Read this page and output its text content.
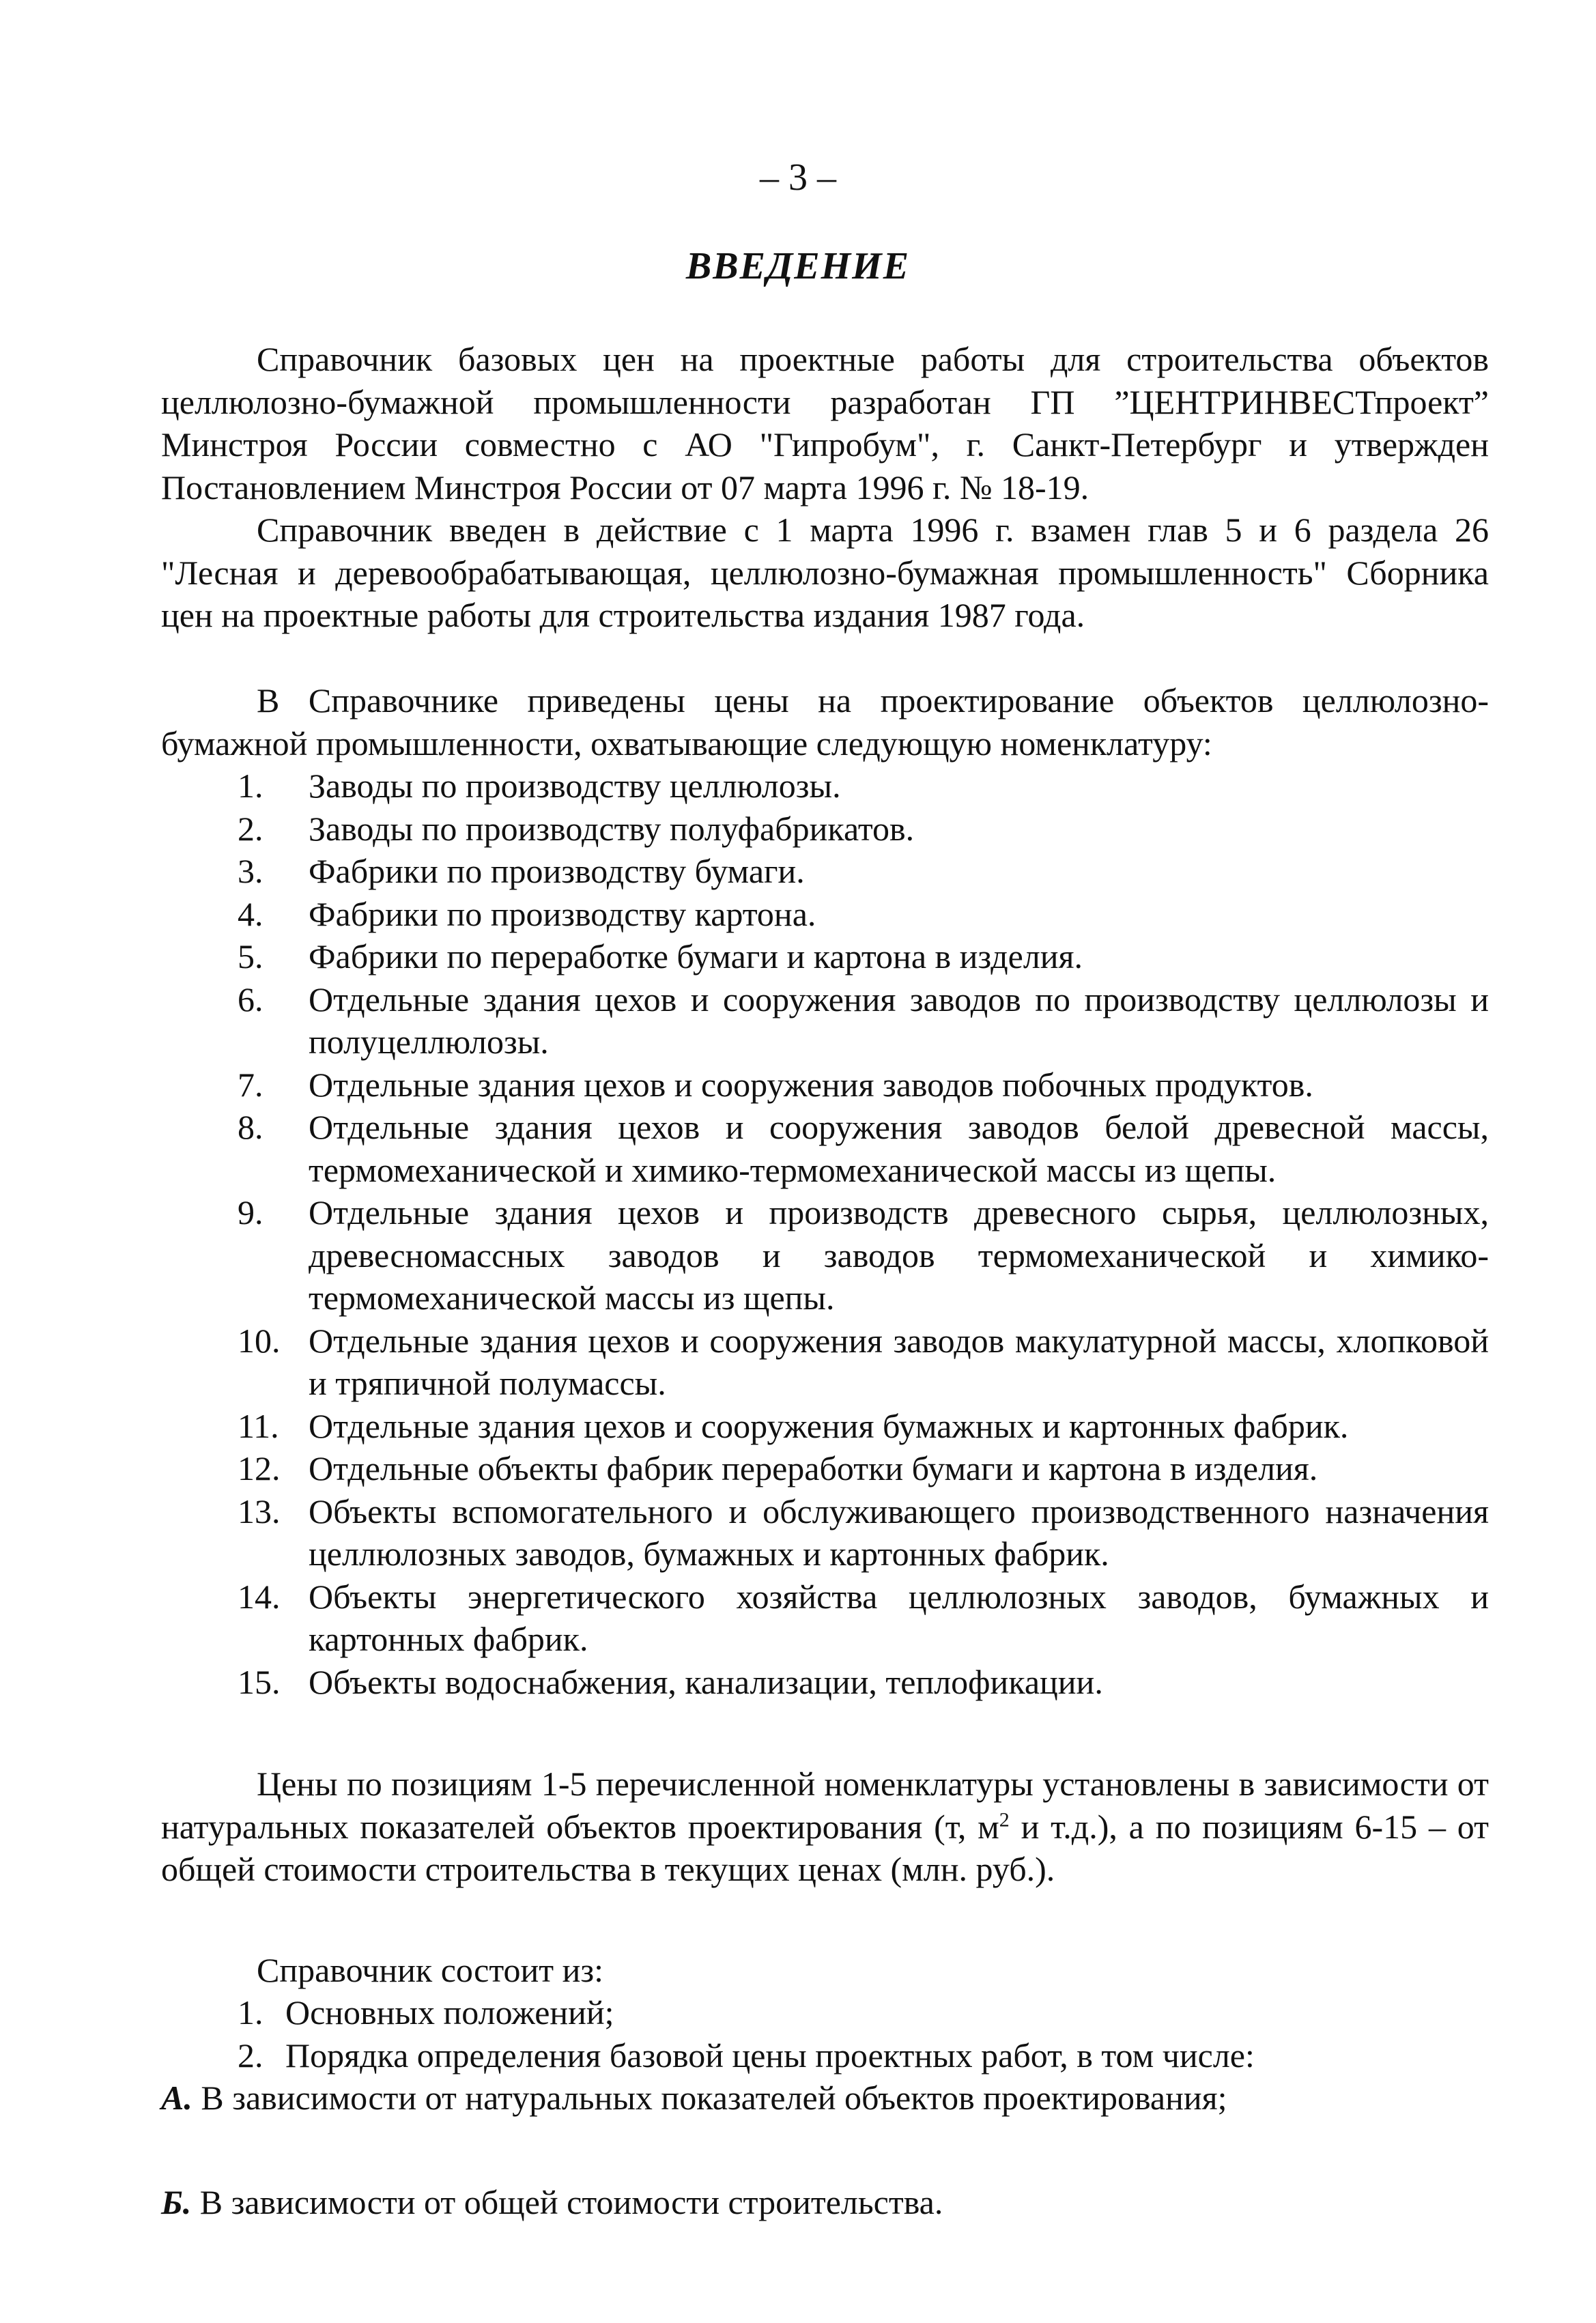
– 3 –
ВВЕДЕНИЕ
Справочник базовых цен на проектные работы для строительства объектов целлюлозно-бумажной промышленности разработан ГП ”ЦЕНТРИНВЕСТпроект” Минстроя России совместно с АО "Гипробум", г. Санкт-Петербург и утвержден Постановлением Минстроя России от 07 марта 1996 г. № 18-19.
Справочник введен в действие с 1 марта 1996 г. взамен глав 5 и 6 раздела 26 "Лесная и деревообрабатывающая, целлюлозно-бумажная промышленность" Сборника цен на проектные работы для строительства издания 1987 года.
В Справочнике приведены цены на проектирование объектов целлюлозно-бумажной промышленности, охватывающие следующую номенклатуру:
1. Заводы по производству целлюлозы.
2. Заводы по производству полуфабрикатов.
3. Фабрики по производству бумаги.
4. Фабрики по производству картона.
5. Фабрики по переработке бумаги и картона в изделия.
6. Отдельные здания цехов и сооружения заводов по производству целлюлозы и полуцеллюлозы.
7. Отдельные здания цехов и сооружения заводов побочных продуктов.
8. Отдельные здания цехов и сооружения заводов белой древесной массы, термомеханической и химико-термомеханической массы из щепы.
9. Отдельные здания цехов и производств древесного сырья, целлюлозных, древесномассных заводов и заводов термомеханической и химико-термомеханической массы из щепы.
10. Отдельные здания цехов и сооружения заводов макулатурной массы, хлопковой и тряпичной полумассы.
11. Отдельные здания цехов и сооружения бумажных и картонных фабрик.
12. Отдельные объекты фабрик переработки бумаги и картона в изделия.
13. Объекты вспомогательного и обслуживающего производственного назначения целлюлозных заводов, бумажных и картонных фабрик.
14. Объекты энергетического хозяйства целлюлозных заводов, бумажных и картонных фабрик.
15. Объекты водоснабжения, канализации, теплофикации.
Цены по позициям 1-5 перечисленной номенклатуры установлены в зависимости от натуральных показателей объектов проектирования (т, $м^2$ и т.д.), а по позициям 6-15 – от общей стоимости строительства в текущих ценах (млн. руб.).
Справочник состоит из:
1. Основных положений;
2. Порядка определения базовой цены проектных работ, в том числе:
А. В зависимости от натуральных показателей объектов проектирования;
Б. В зависимости от общей стоимости строительства.
